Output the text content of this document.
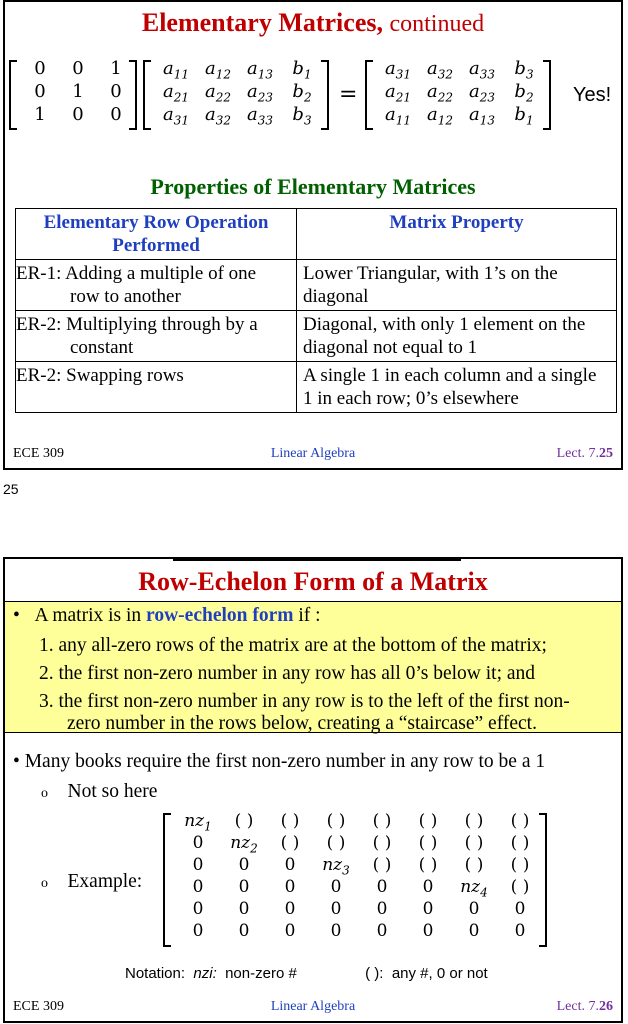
Elementary Matrices, continued
0	0	1
0	1	0
1	0	0
$a_{11}$ $a_{12}$ $a_{13}$	$b_1$
$a_{21}$ $a_{22}$ $a_{23}$	$b_2$
$a_{31}$ $a_{32}$ $a_{33}$	$b_3$
=
$a_{31}$ $a_{32}$ $a_{33}$	$b_3$
$a_{21}$ $a_{22}$ $a_{23}$	$b_2$
$a_{11}$ $a_{12}$ $a_{13}$	$b_1$
Yes!
Properties of Elementary Matrices
Elementary Row Operation Performed	Matrix Property
ER-1: Adding a multiple of one row to another	Lower Triangular, with 1’s on the diagonal
ER-2: Multiplying through by a constant	Diagonal, with only 1 element on the diagonal not equal to 1
ER-2: Swapping rows	A single 1 in each column and a single 1 in each row; 0’s elsewhere
ECE 309	Linear Algebra	Lect. 7.25
25
Row-Echelon Form of a Matrix
• A matrix is in row-echelon form if :
1. any all-zero rows of the matrix are at the bottom of the matrix;
2. the first non-zero number in any row has all 0’s below it; and
3. the first non-zero number in any row is to the left of the first non-
zero number in the rows below, creating a “staircase” effect.
• Many books require the first non-zero number in any row to be a 1
o Not so here
o Example:
$nz_1$	( )	( )	( )	( )	( )	( )	( )
0	$nz_2$	( )	( )	( )	( )	( )	( )
0	0	0	$nz_3$	( )	( )	( )	( )
0	0	0	0	0	0	$nz_4$	( )
0	0	0	0	0	0	0	0
0	0	0	0	0	0	0	0
Notation: nzi: non-zero #	( ): any #, 0 or not
ECE 309	Linear Algebra	Lect. 7.26
